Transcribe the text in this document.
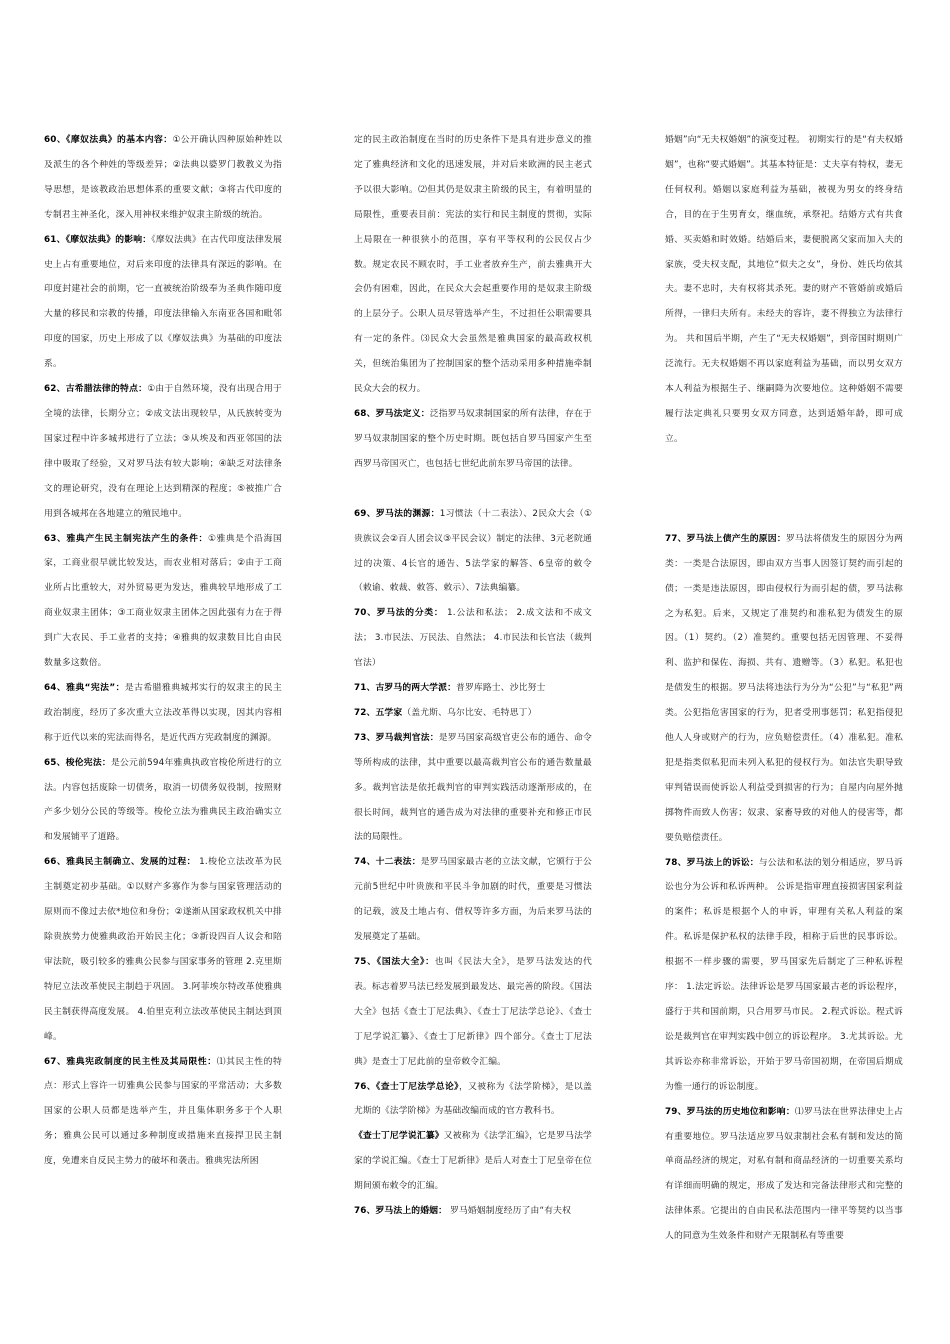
60、《摩奴法典》的基本内容：①公开确认四种原始种姓以及派生的各个种姓的等级差异；②法典以婆罗门教教义为指导思想，是该教政治思想体系的重要文献；③将古代印度的专制君主神圣化，深入用神权来维护奴隶主阶级的统治。

61、《摩奴法典》的影响：《摩奴法典》在古代印度法律发展史上占有重要地位，对后来印度的法律具有深远的影响。在印度封建社会的前期，它一直被统治阶级奉为圣典作随印度大量的移民和宗教的传播，印度法律输入东南亚各国和毗邻印度的国家，历史上形成了以《摩奴法典》为基础的印度法系。

62、古希腊法律的特点：①由于自然环境，没有出现合用于全境的法律，长期分立；②成文法出现较早，从氏族转变为国家过程中许多城邦进行了立法；③从埃及和西亚邻国的法律中吸取了经验，又对罗马法有较大影响；④缺乏对法律条文的理论研究，没有在理论上达到精深的程度；⑤被推广合用到各城邦在各地建立的殖民地中。

63、雅典产生民主制宪法产生的条件：①雅典是个沿海国家，工商业很早就比较发达，而农业相对落后；②由于工商业所占比重较大，对外贸易更为发达，雅典较早地形成了工商业奴隶主团体；③工商业奴隶主团体之因此强有力在于得到广大农民、手工业者的支持；④雅典的奴隶数目比自由民数量多这数倍。

64、雅典“宪法”：是古希腊雅典城邦实行的奴隶主的民主政治制度，经历了多次重大立法改革得以实现，因其内容相称于近代以来的宪法而得名，是近代西方宪政制度的渊源。

65、梭伦宪法：是公元前594年雅典执政官梭伦所进行的立法。内容包括废除一切债务，取消一切债务奴役制，按照财产多少划分公民的等级等。梭伦立法为雅典民主政治确实立和发展铺平了道路。

66、雅典民主制确立、发展的过程： 1.梭伦立法改革为民主制奠定初步基础。①以财产多寡作为参与国家管理活动的原则而不像过去依*地位和身份；②遂渐从国家政权机关中排除贵族势力使雅典政治开始民主化；③新设四百人议会和陪审法院，吸引较多的雅典公民参与国家事务的管理 2.克里斯特尼立法改革使民主制趋于巩固。 3.阿菲埃尔特改革使雅典民主制获得高度发展。 4.伯里克利立法改革使民主制达到顶峰。

67、雅典宪政制度的民主性及其局限性：⑴其民主性的特点：形式上容许一切雅典公民参与国家的平常活动；大多数国家的公职人员都是选举产生，并且集体职务多于个人职务；雅典公民可以通过多种制度或措施来直接捍卫民主制度，免遭来自反民主势力的破坏和袭击。雅典宪法所困

定的民主政治制度在当时的历史条件下是具有进步意义的推定了雅典经济和文化的迅速发展，并对后来欧洲的民主老式予以很大影响。⑵但其仍是奴隶主阶级的民主，有着明显的局限性，重要表目前：宪法的实行和民主制度的贯彻，实际上局限在一种很狭小的范围，享有平等权利的公民仅占少数。规定农民不顾农时，手工业者放弃生产，前去雅典开大会仍有困难，因此，在民众大会起重要作用的是奴隶主阶级的上层分子。公职人员尽管选举产生，不过担任公职需要具有一定的条件。⑶民众大会虽然是雅典国家的最高政权机关，但统治集团为了控制国家的整个活动采用多种措施牵制民众大会的权力。

68、罗马法定义：泛指罗马奴隶制国家的所有法律，存在于罗马奴隶制国家的整个历史时期。既包括自罗马国家产生至西罗马帝国灭亡，也包括七世纪此前东罗马帝国的法律。

69、罗马法的渊源：1习惯法（十二表法）、2民众大会（①贵族议会②百人团会议③平民会议）制定的法律、3元老院通过的决策、4长官的通告、5法学家的解答、6皇帝的敕令（敕谕、敕裁、敕答、敕示）、7法典编纂。

70、罗马法的分类： 1.公法和私法； 2.成文法和不成文法； 3.市民法、万民法、自然法； 4.市民法和长官法（裁判官法）

71、古罗马的两大学派：普罗库路士、沙比努士

72、五学家（盖尤斯、乌尔比安、毛特思丁）

73、罗马裁判官法：是罗马国家高级官吏公布的通告、命令等所构成的法律，其中重要以最高裁判官公布的通告数量最多。裁判官法是依托裁判官的审判实践活动逐渐形成的，在很长时间，裁判官的通告成为对法律的重要补充和修正市民法的局限性。

74、十二表法：是罗马国家最古老的立法文献，它颁行于公元前5世纪中叶贵族和平民斗争加剧的时代，重要是习惯法的记载，波及土地占有、借权等许多方面，为后来罗马法的发展奠定了基础。

75、《国法大全》：也叫《民法大全》，是罗马法发达的代表。标志着罗马法已经发展到最发达、最完善的阶段。《国法大全》包括《查士丁尼法典》、《查士丁尼法学总论》、《查士丁尼学说汇纂》、《查士丁尼新律》四个部分。《查士丁尼法典》是查士丁尼此前的皇帝敕令汇编。

76、《查士丁尼法学总论》，又被称为《法学阶梯》，是以盖尤斯的《法学阶梯》为基础改编而成的官方教科书。

《查士丁尼学说汇纂》又被称为《法学汇编》，它是罗马法学家的学说汇编。《查士丁尼新律》是后人对查士丁尼皇帝在位期间颁布敕令的汇编。

76、罗马法上的婚姻： 罗马婚姻制度经历了由“有夫权

婚姻”向“无夫权婚姻”的演变过程。 初期实行的是“有夫权婚姻”，也称“要式婚姻”。其基本特征是：丈夫享有特权，妻无任何权利。婚姻以家庭利益为基础，被视为男女的终身结合，目的在于生男育女，继血统，承祭祀。结婚方式有共食婚、买卖婚和时效婚。结婚后来，妻便脱离父家而加入夫的家族，受夫权支配，其地位“似夫之女”，身份、姓氏均依其夫。妻不忠时，夫有权将其杀死。妻的财产不管婚前或婚后所得，一律归夫所有。未经夫的容许，妻不得独立为法律行为。 共和国后半期，产生了“无夫权婚姻”，到帝国时期则广泛流行。无夫权婚姻不再以家庭利益为基础，而以男女双方本人利益为根据生子、继嗣降为次要地位。这种婚姻不需要履行法定典礼只要男女双方同意，达到适婚年龄，即可成立。

77、罗马法上债产生的原因：罗马法将债发生的原因分为两类：一类是合法原因，即由双方当事人因签订契约而引起的债；一类是违法原因，即由侵权行为而引起的债，罗马法称之为私犯。后来，又规定了准契约和准私犯为债发生的原因。（1）契约。（2）准契约。重要包括无因管理、不妥得利、监护和保佐、海损、共有、遗赠等。（3）私犯。私犯也是债发生的根据。罗马法将违法行为分为“公犯”与“私犯”两类。公犯指危害国家的行为，犯者受刑事惩罚；私犯指侵犯他人人身或财产的行为，应负赔偿责任。（4）准私犯。准私犯是指类似私犯而未列入私犯的侵权行为。如法官失职导致审判错误而使诉讼人利益受到损害的行为；自屋内向屋外抛掷物件而致人伤害；奴隶、家畜导致的对他人的侵害等，都要负赔偿责任。

78、罗马法上的诉讼：与公法和私法的划分相适应，罗马诉讼也分为公诉和私诉两种。 公诉是指审理直接损害国家利益的案件；私诉是根据个人的申诉，审理有关私人利益的案件。私诉是保护私权的法律手段，相称于后世的民事诉讼。 根据不一样步骤的需要，罗马国家先后制定了三种私诉程序： 1.法定诉讼。法律诉讼是罗马国家最古老的诉讼程序，盛行于共和国前期，只合用罗马市民。 2.程式诉讼。程式诉讼是裁判官在审判实践中创立的诉讼程序。 3.尤其诉讼。尤其诉讼亦称非常诉讼，开始于罗马帝国初期，在帝国后期成为惟一通行的诉讼制度。

79、罗马法的历史地位和影响：⑴罗马法在世界法律史上占有重要地位。罗马法适应罗马奴隶制社会私有制和发达的简单商品经济的规定，对私有制和商品经济的一切重要关系均有详细而明确的规定，形成了发达和完备法律形式和完整的法律体系。它提出的自由民私法范围内一律平等契约以当事人的同意为生效条件和财产无限制私有等重要
